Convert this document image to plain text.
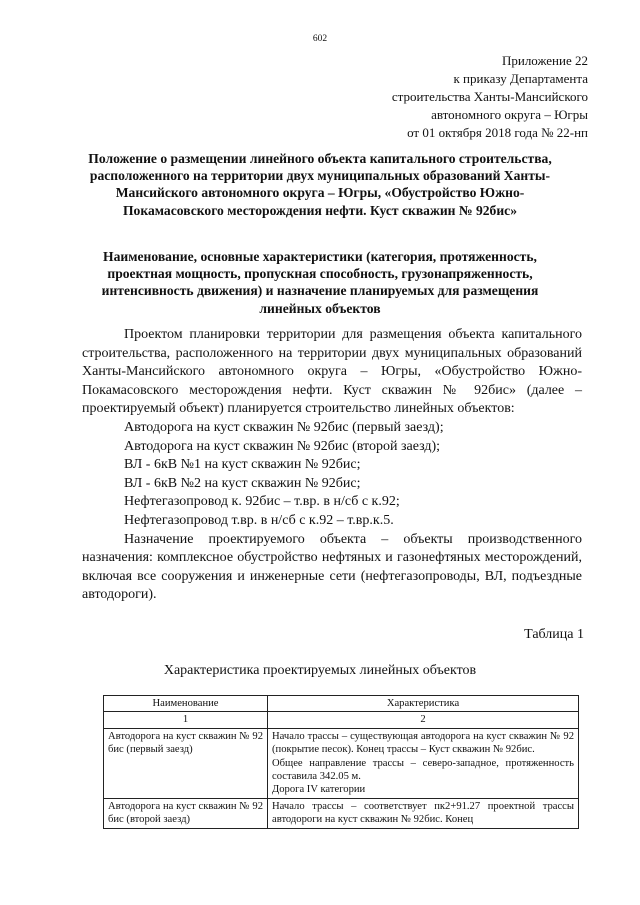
602
Приложение 22
к приказу Департамента
строительства Ханты-Мансийского
автономного округа – Югры
от 01 октября 2018 года № 22-нп
Положение о размещении линейного объекта капитального строительства, расположенного на территории двух муниципальных образований Ханты-Мансийского автономного округа – Югры, «Обустройство Южно-Покамасовского месторождения нефти. Куст скважин № 92бис»
Наименование, основные характеристики (категория, протяженность, проектная мощность, пропускная способность, грузонапряженность, интенсивность движения) и назначение планируемых для размещения линейных объектов

Проектом планировки территории для размещения объекта капитального строительства, расположенного на территории двух муниципальных образований Ханты-Мансийского автономного округа – Югры, «Обустройство Южно-Покамасовского месторождения нефти. Куст скважин № 92бис» (далее – проектируемый объект) планируется строительство линейных объектов:

Автодорога на куст скважин № 92бис (первый заезд);

Автодорога на куст скважин № 92бис (второй заезд);

ВЛ - 6кВ №1 на куст скважин № 92бис;

ВЛ - 6кВ №2 на куст скважин № 92бис;

Нефтегазопровод к. 92бис – т.вр. в н/сб с к.92;

Нефтегазопровод т.вр. в н/сб с к.92 – т.вр.к.5.

Назначение проектируемого объекта – объекты производственного назначения: комплексное обустройство нефтяных и газонефтяных месторождений, включая все сооружения и инженерные сети (нефтегазопроводы, ВЛ, подъездные автодороги).

Таблица 1
Характеристика проектируемых линейных объектов
Наименование	Характеристика
1	2
Автодорога на куст скважин № 92 бис (первый заезд)	Начало трассы – существующая автодорога на куст скважин № 92 (покрытие песок). Конец трассы – Куст скважин № 92бис.
Общее направление трассы – северо-западное, протяженность составила 342.05 м.
Дорога IV категории

Автодорога на куст скважин № 92 бис (второй заезд)	Начало трассы – соответствует пк2+91.27 проектной трассы автодороги на куст скважин № 92бис. Конец
